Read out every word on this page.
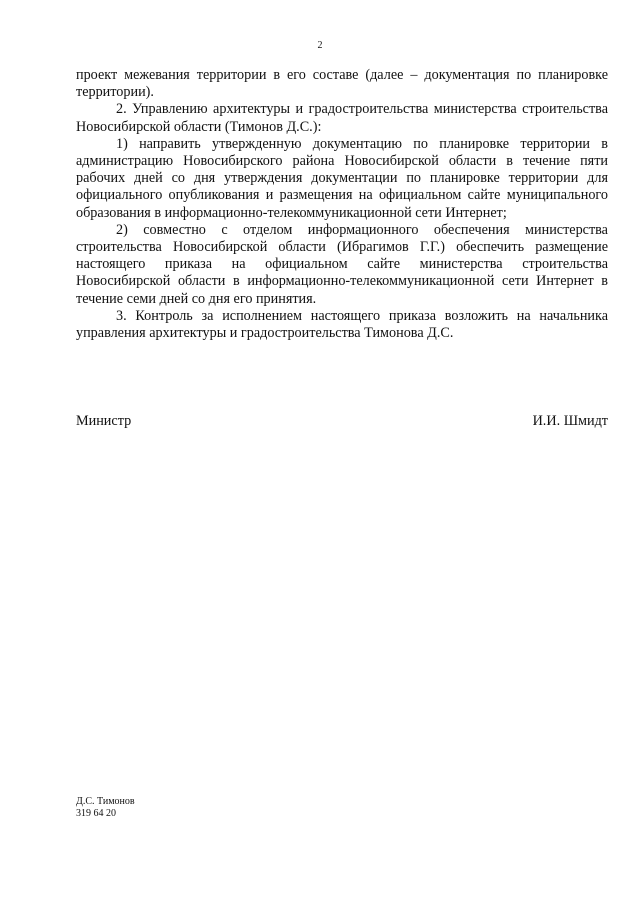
2

проект межевания территории в его составе (далее – документация по планировке территории).

2. Управлению архитектуры и градостроительства министерства строительства Новосибирской области (Тимонов Д.С.):

1) направить утвержденную документацию по планировке территории в администрацию Новосибирского района Новосибирской области в течение пяти рабочих дней со дня утверждения документации по планировке территории для официального опубликования и размещения на официальном сайте муниципального образования в информационно-телекоммуникационной сети Интернет;

2) совместно с отделом информационного обеспечения министерства строительства Новосибирской области (Ибрагимов Г.Г.) обеспечить размещение настоящего приказа на официальном сайте министерства строительства Новосибирской области в информационно-телекоммуникационной сети Интернет в течение семи дней со дня его принятия.

3. Контроль за исполнением настоящего приказа возложить на начальника управления архитектуры и градостроительства Тимонова Д.С.

Министр	И.И. Шмидт
Д.С. Тимонов
319 64 20
